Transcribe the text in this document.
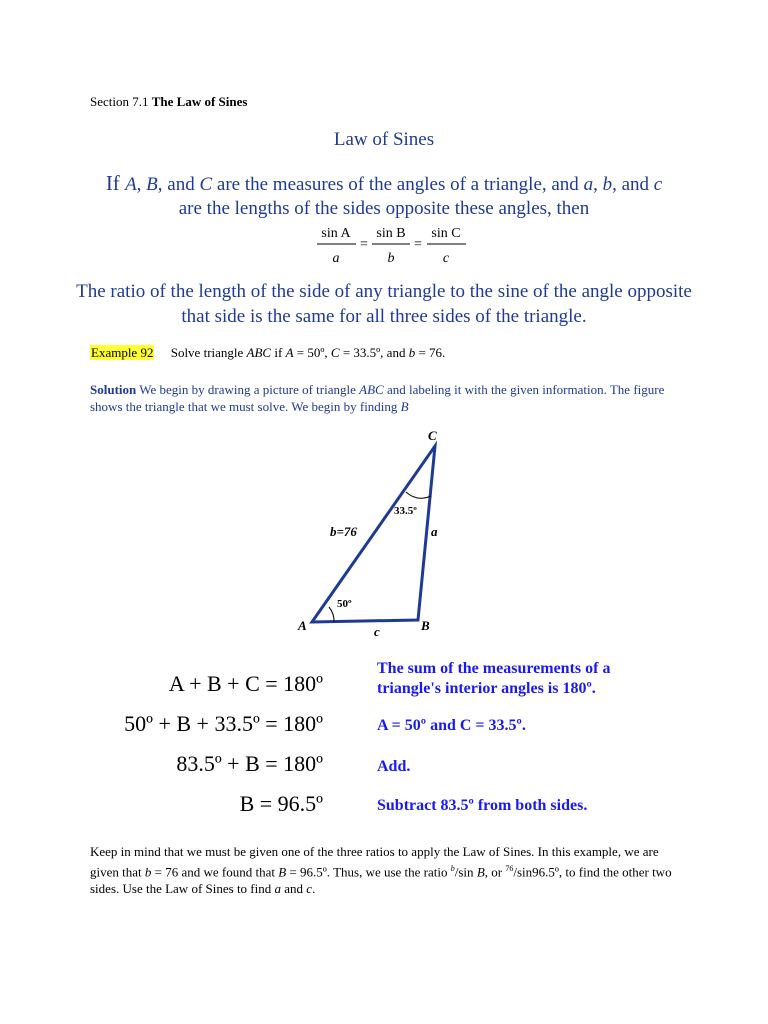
Section 7.1 The Law of Sines
Law of Sines
If A, B, and C are the measures of the angles of a triangle, and a, b, and c
are the lengths of the sides opposite these angles, then
sin A
a
=
sin B
b
=
sin C
c
The ratio of the length of the side of any triangle to the sine of the angle opposite that side is the same for all three sides of the triangle.
Example 92 Solve triangle ABC if A = 50º, C = 33.5º, and b = 76.
Solution We begin by drawing a picture of triangle ABC and labeling it with the given information. The figure shows the triangle that we must solve. We begin by finding B
A	B
C
b=76	a
c
50º
33.5º
A + B + C = 180º
50º + B + 33.5º = 180º
83.5º + B = 180º
B = 96.5º
The sum of the measurements of a
triangle's interior angles is 180º.
A = 50º and C = 33.5º.
Add.
Subtract 83.5º from both sides.
Keep in mind that we must be given one of the three ratios to apply the Law of Sines. In this example, we are given that b = 76 and we found that B = 96.5º. Thus, we use the ratio $^b$/sin B, or $^{76}$/sin96.5º, to find the other two sides. Use the Law of Sines to find a and c.
